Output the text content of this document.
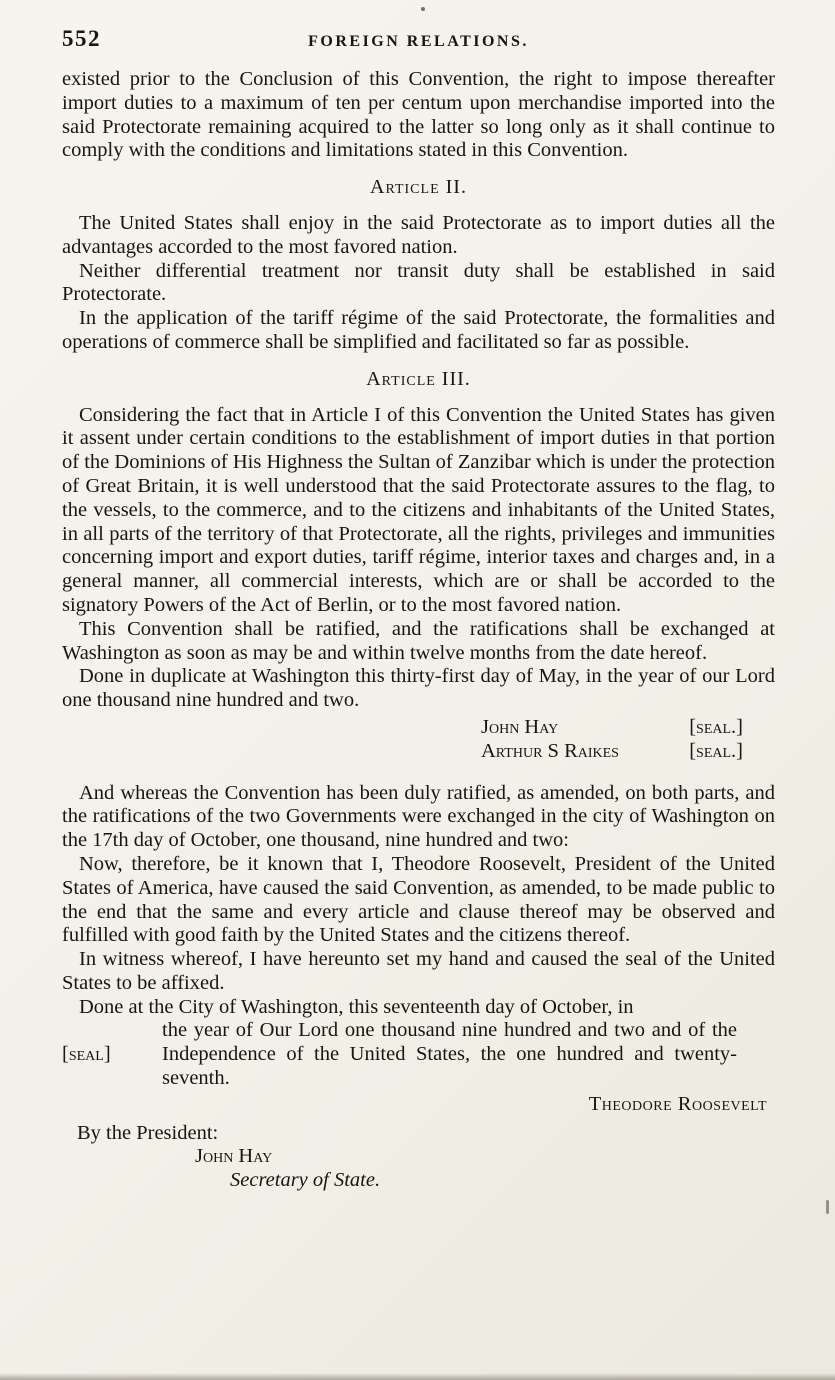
552	FOREIGN RELATIONS.

existed prior to the Conclusion of this Convention, the right to impose thereafter import duties to a maximum of ten per centum upon merchandise imported into the said Protectorate remaining acquired to the latter so long only as it shall continue to comply with the conditions and limitations stated in this Convention.

Article II.

The United States shall enjoy in the said Protectorate as to import duties all the advantages accorded to the most favored nation.

Neither differential treatment nor transit duty shall be established in said Protectorate.

In the application of the tariff régime of the said Protectorate, the formalities and operations of commerce shall be simplified and facilitated so far as possible.

Article III.

Considering the fact that in Article I of this Convention the United States has given it assent under certain conditions to the establishment of import duties in that portion of the Dominions of His Highness the Sultan of Zanzibar which is under the protection of Great Britain, it is well understood that the said Protectorate assures to the flag, to the vessels, to the commerce, and to the citizens and inhabitants of the United States, in all parts of the territory of that Protectorate, all the rights, privileges and immunities concerning import and export duties, tariff régime, interior taxes and charges and, in a general manner, all commercial interests, which are or shall be accorded to the signatory Powers of the Act of Berlin, or to the most favored nation.

This Convention shall be ratified, and the ratifications shall be exchanged at Washington as soon as may be and within twelve months from the date hereof.

Done in duplicate at Washington this thirty-first day of May, in the year of our Lord one thousand nine hundred and two.

John Hay	[seal.]
Arthur S Raikes	[seal.]

And whereas the Convention has been duly ratified, as amended, on both parts, and the ratifications of the two Governments were exchanged in the city of Washington on the 17th day of October, one thousand, nine hundred and two:

Now, therefore, be it known that I, Theodore Roosevelt, President of the United States of America, have caused the said Convention, as amended, to be made public to the end that the same and every article and clause thereof may be observed and fulfilled with good faith by the United States and the citizens thereof.

In witness whereof, I have hereunto set my hand and caused the seal of the United States to be affixed.

Done at the City of Washington, this seventeenth day of October, in
[seal]
the year of Our Lord one thousand nine hundred and two and of the Independence of the United States, the one hundred and twenty-seventh.
Theodore Roosevelt

By the President:

John Hay

Secretary of State.
